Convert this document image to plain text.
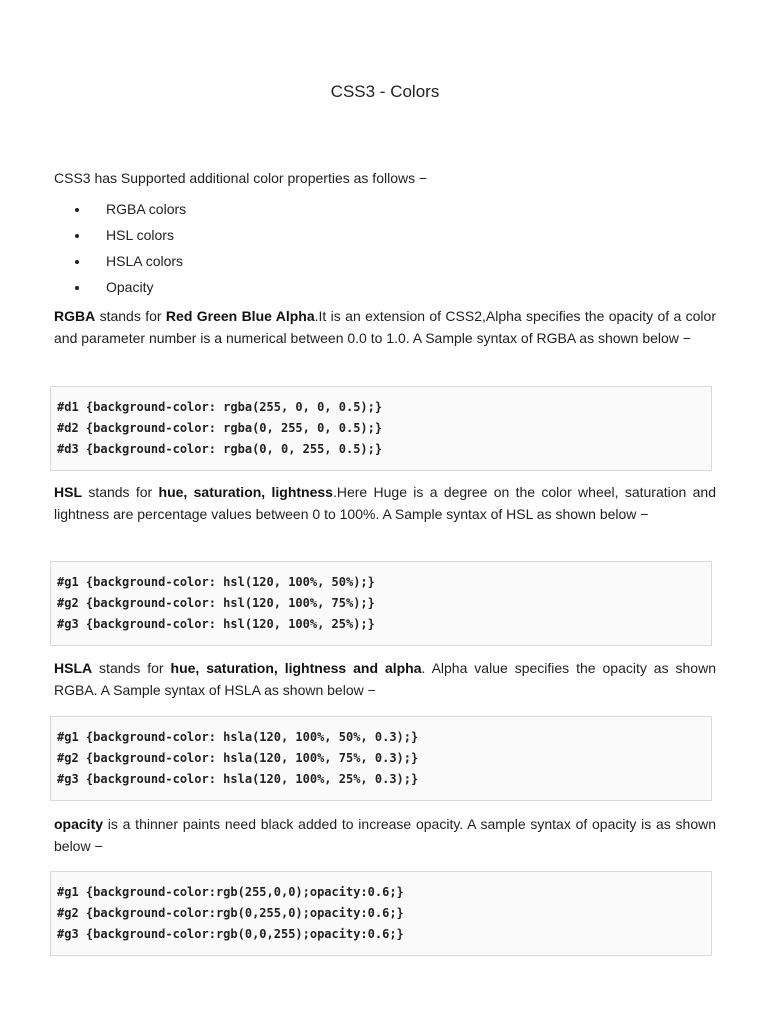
CSS3 - Colors
CSS3 has Supported additional color properties as follows −
RGBA colors
HSL colors
HSLA colors
Opacity
RGBA stands for Red Green Blue Alpha.It is an extension of CSS2,Alpha specifies the opacity of a color and parameter number is a numerical between 0.0 to 1.0. A Sample syntax of RGBA as shown below −
#d1 {background-color: rgba(255, 0, 0, 0.5);}
#d2 {background-color: rgba(0, 255, 0, 0.5);}
#d3 {background-color: rgba(0, 0, 255, 0.5);}
HSL stands for hue, saturation, lightness.Here Huge is a degree on the color wheel, saturation and lightness are percentage values between 0 to 100%. A Sample syntax of HSL as shown below −
#g1 {background-color: hsl(120, 100%, 50%);}
#g2 {background-color: hsl(120, 100%, 75%);}
#g3 {background-color: hsl(120, 100%, 25%);}
HSLA stands for hue, saturation, lightness and alpha. Alpha value specifies the opacity as shown RGBA. A Sample syntax of HSLA as shown below −
#g1 {background-color: hsla(120, 100%, 50%, 0.3);}
#g2 {background-color: hsla(120, 100%, 75%, 0.3);}
#g3 {background-color: hsla(120, 100%, 25%, 0.3);}
opacity is a thinner paints need black added to increase opacity. A sample syntax of opacity is as shown below −
#g1 {background-color:rgb(255,0,0);opacity:0.6;}
#g2 {background-color:rgb(0,255,0);opacity:0.6;}
#g3 {background-color:rgb(0,0,255);opacity:0.6;}
